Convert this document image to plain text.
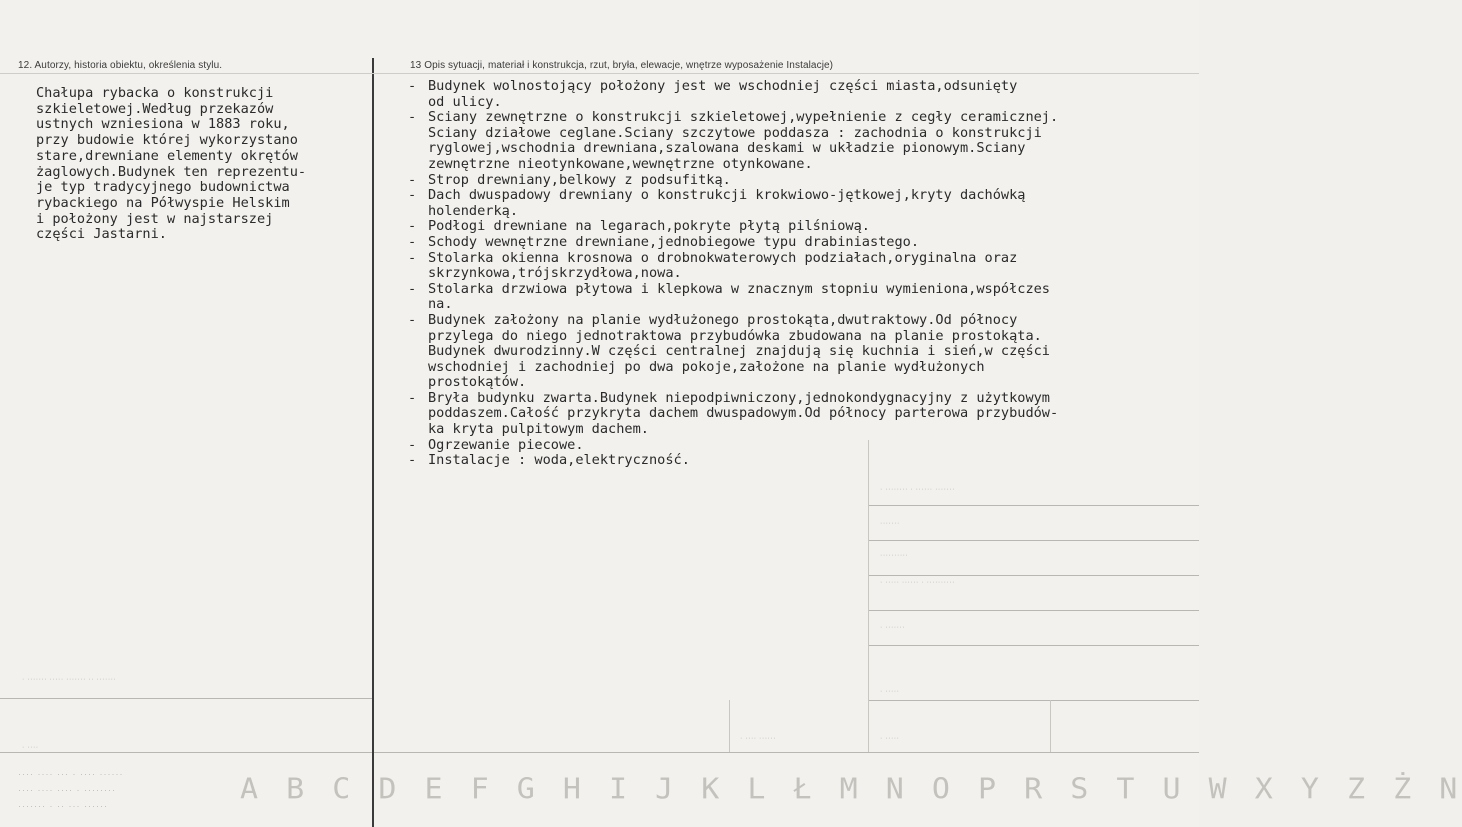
12. Autorzy, historia obiektu, określenia stylu.	13 Opis sytuacji, materiał i konstrukcja, rzut, bryła, elewacje, wnętrze wyposażenie Instalacje)
· ······· ····· ······· ·· ·······
· ········ · ······ ·······
·······
··········
· ····· ······ · ··········
· ·······
· ·····
· ···· ······	· ·····
· ····
···· ···· ··· · ···· ······
···· ···· ···· · ········
······· · ·· ··· ······
Chałupa rybacka o konstrukcji
szkieletowej.Według przekazów
ustnych wzniesiona w 1883 roku,
przy budowie której wykorzystano
stare,drewniane elementy okrętów
żaglowych.Budynek ten reprezentu-
je typ tradycyjnego budownictwa
rybackiego na Półwyspie Helskim
i położony jest w najstarszej
części Jastarni.
- Budynek wolnostojący położony jest we wschodniej części miasta,odsunięty
od ulicy.
- Sciany zewnętrzne o konstrukcji szkieletowej,wypełnienie z cegły ceramicznej.
Sciany działowe ceglane.Sciany szczytowe poddasza : zachodnia o konstrukcji
ryglowej,wschodnia drewniana,szalowana deskami w układzie pionowym.Sciany
zewnętrzne nieotynkowane,wewnętrzne otynkowane.
- Strop drewniany,belkowy z podsufitką.
- Dach dwuspadowy drewniany o konstrukcji krokwiowo-jętkowej,kryty dachówką
holenderką.
- Podłogi drewniane na legarach,pokryte płytą pilśniową.
- Schody wewnętrzne drewniane,jednobiegowe typu drabiniastego.
- Stolarka okienna krosnowa o drobnokwaterowych podziałach,oryginalna oraz
skrzynkowa,trójskrzydłowa,nowa.
- Stolarka drzwiowa płytowa i klepkowa w znacznym stopniu wymieniona,współczes
na.
- Budynek założony na planie wydłużonego prostokąta,dwutraktowy.Od północy
przylega do niego jednotraktowa przybudówka zbudowana na planie prostokąta.
Budynek dwurodzinny.W części centralnej znajdują się kuchnia i sień,w części
wschodniej i zachodniej po dwa pokoje,założone na planie wydłużonych
prostokątów.
- Bryła budynku zwarta.Budynek niepodpiwniczony,jednokondygnacyjny z użytkowym
poddaszem.Całość przykryta dachem dwuspadowym.Od północy parterowa przybudów-
ka kryta pulpitowym dachem.
- Ogrzewanie piecowe.
- Instalacje : woda,elektryczność.
A B C D E F G H I J K L Ł M N O P R S T U W X Y Z Ż N
